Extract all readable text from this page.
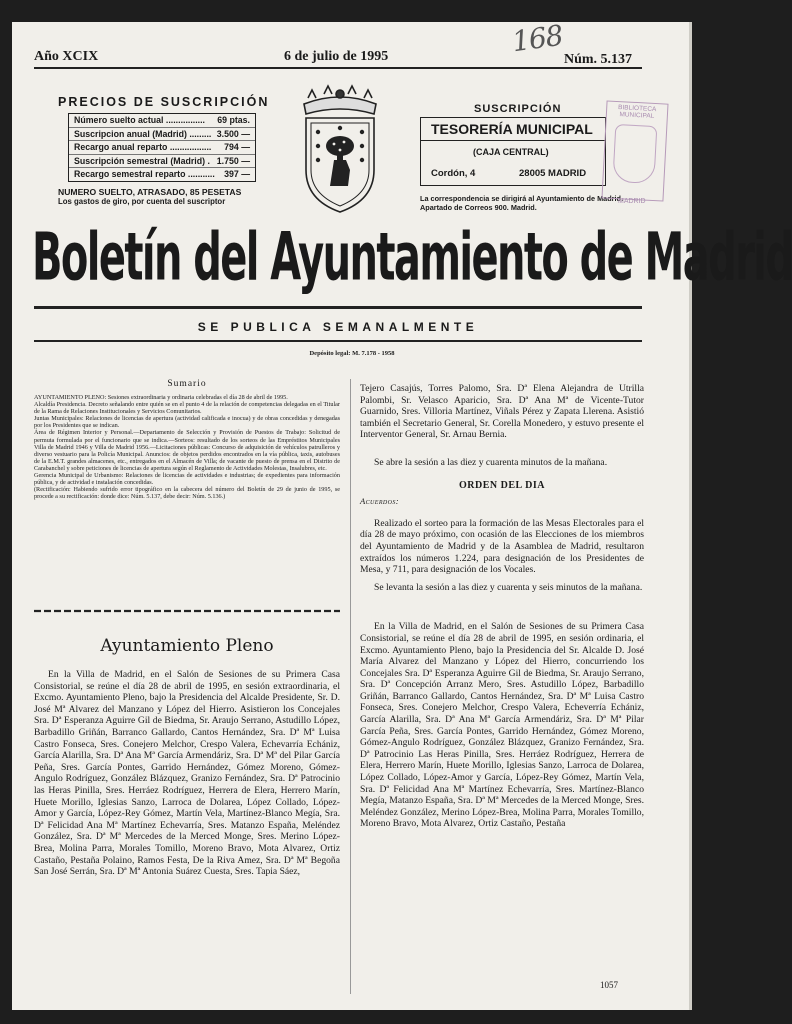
168
Año XCIX	6 de julio de 1995	Núm. 5.137
PRECIOS DE SUSCRIPCIÓN
Número suelto actual ................ 69 ptas.
Suscripcion anual (Madrid) ......... 3.500 —
Recargo anual reparto ................. 794 —
Suscripción semestral (Madrid) . 1.750 —
Recargo semestral reparto ........... 397 —
NUMERO SUELTO, ATRASADO, 85 PESETAS
Los gastos de giro, por cuenta del suscriptor
SUSCRIPCIÓN
TESORERÍA MUNICIPAL
(CAJA CENTRAL)
Cordón, 4	28005 MADRID
La correspondencia se dirigirá al Ayuntamiento de Madrid. Apartado de Correos 900. Madrid.
BIBLIOTECA
MUNICIPAL
MADRID
Boletín del Ayuntamiento de Madrid
SE PUBLICA SEMANALMENTE
Depósito legal: M. 7.178 - 1958
Sumario

AYUNTAMIENTO PLENO: Sesiones extraordinaria y ordinaria celebradas el día 28 de abril de 1995.

Alcaldía Presidencia. Decreto señalando entre quién se en el punto 4 de la relación de competencias delegadas en el Titular de la Rama de Relaciones Institucionales y Servicios Comunitarios.

Juntas Municipales: Relaciones de licencias de apertura (actividad calificada e inocua) y de obras concedidas y denegadas por los Presidentes que se indican.

Área de Régimen Interior y Personal.—Departamento de Selección y Provisión de Puestos de Trabajo: Solicitud de permuta formulada por el funcionario que se indica.—Sorteos: resultado de los sorteos de las Empréstitos Municipales Villa de Madrid 1946 y Villa de Madrid 1956.—Licitaciones públicas: Concurso de adquisición de vehículos patrulleros y diverso vestuario para la Policía Municipal. Anuncios: de objetos perdidos encontrados en la vía pública, taxis, autobuses de la E.M.T. grandes almacenes, etc., entregados en el Almacén de Villa; de vacante de puesto de prensa en el Distrito de Carabanchel y sobre peticiones de licencias de apertura según el Reglamento de Actividades Molestas, Insalubres, etc.

Gerencia Municipal de Urbanismo: Relaciones de licencias de actividades e industrias; de expedientes para información pública, y de actividad e instalación concedidas.

(Rectificación: Habiendo sufrido error tipográfico en la cabecera del número del Boletín de 29 de junio de 1995, se procede a su rectificación: donde dice: Núm. 5.137, debe decir: Núm. 5.136.)

Ayuntamiento Pleno

En la Villa de Madrid, en el Salón de Sesiones de su Primera Casa Consistorial, se reúne el día 28 de abril de 1995, en sesión extraordinaria, el Excmo. Ayuntamiento Pleno, bajo la Presidencia del Alcalde Presidente, Sr. D. José Mª Alvarez del Manzano y López del Hierro. Asistieron los Concejales Sra. Dª Esperanza Aguirre Gil de Biedma, Sr. Araujo Serrano, Astudillo López, Barbadillo Griñán, Barranco Gallardo, Cantos Hernández, Sra. Dª Mª Luisa Castro Fonseca, Sres. Conejero Melchor, Crespo Valera, Echevarría Echániz, García Alarilla, Sra. Dª Ana Mª García Armendáriz, Sra. Dª Mª del Pilar García Peña, Sres. García Pontes, Garrido Hernández, Gómez Moreno, Gómez-Angulo Rodríguez, González Blázquez, Granizo Fernández, Sra. Dª Patrocinio las Heras Pinilla, Sres. Herráez Rodríguez, Herrera de Elera, Herrero Marín, Huete Morillo, Iglesias Sanzo, Larroca de Dolarea, López Collado, López-Amor y García, López-Rey Gómez, Martín Vela, Martínez-Blanco Megía, Sra. Dª Felicidad Ana Mª Martínez Echevarría, Sres. Matanzo España, Meléndez González, Sra. Dª Mª Mercedes de la Merced Monge, Sres. Merino López-Brea, Molina Parra, Morales Tomillo, Moreno Bravo, Mota Alvarez, Ortiz Castaño, Pestaña Polaino, Ramos Festa, De la Riva Amez, Sra. Dª Mª Begoña San José Serrán, Sra. Dª Mª Antonia Suárez Cuesta, Sres. Tapia Sáez,

Tejero Casajús, Torres Palomo, Sra. Dª Elena Alejandra de Utrilla Palombi, Sr. Velasco Aparicio, Sra. Dª Ana Mª de Vicente-Tutor Guarnido, Sres. Villoria Martínez, Viñals Pérez y Zapata Llerena. Asistió también el Secretario General, Sr. Corella Monedero, y estuvo presente el Interventor General, Sr. Arnau Bernia.

Se abre la sesión a las diez y cuarenta minutos de la mañana.

ORDEN DEL DIA
Acuerdos:

Realizado el sorteo para la formación de las Mesas Electorales para el día 28 de mayo próximo, con ocasión de las Elecciones de los miembros del Ayuntamiento de Madrid y de la Asamblea de Madrid, resultaron extraídos los números 1.224, para designación de los Presidentes de Mesa, y 711, para designación de los Vocales.

Se levanta la sesión a las diez y cuarenta y seis minutos de la mañana.

En la Villa de Madrid, en el Salón de Sesiones de su Primera Casa Consistorial, se reúne el día 28 de abril de 1995, en sesión ordinaria, el Excmo. Ayuntamiento Pleno, bajo la Presidencia del Sr. Alcalde D. José María Alvarez del Manzano y López del Hierro, concurriendo los Concejales Sra. Dª Esperanza Aguirre Gil de Biedma, Sr. Araujo Serrano, Sra. Dª Concepción Arranz Mero, Sres. Astudillo López, Barbadillo Griñán, Barranco Gallardo, Cantos Hernández, Sra. Dª Mª Luisa Castro Fonseca, Sres. Conejero Melchor, Crespo Valera, Echeverría Echániz, García Alarilla, Sra. Dª Ana Mª García Armendáriz, Sra. Dª Mª Pilar García Peña, Sres. García Pontes, Garrido Hernández, Gómez Moreno, Gómez-Angulo Rodríguez, González Blázquez, Granizo Fernández, Sra. Dª Patrocinio Las Heras Pinilla, Sres. Herráez Rodríguez, Herrera de Elera, Herrero Marín, Huete Morillo, Iglesias Sanzo, Larroca de Dolarea, López Collado, López-Amor y García, López-Rey Gómez, Martín Vela, Sra. Dª Felicidad Ana Mª Martínez Echevarría, Sres. Martínez-Blanco Megía, Matanzo España, Sra. Dª Mª Mercedes de la Merced Monge, Sres. Meléndez González, Merino López-Brea, Molina Parra, Morales Tomillo, Moreno Bravo, Mota Alvarez, Ortiz Castaño, Pestaña

1057
